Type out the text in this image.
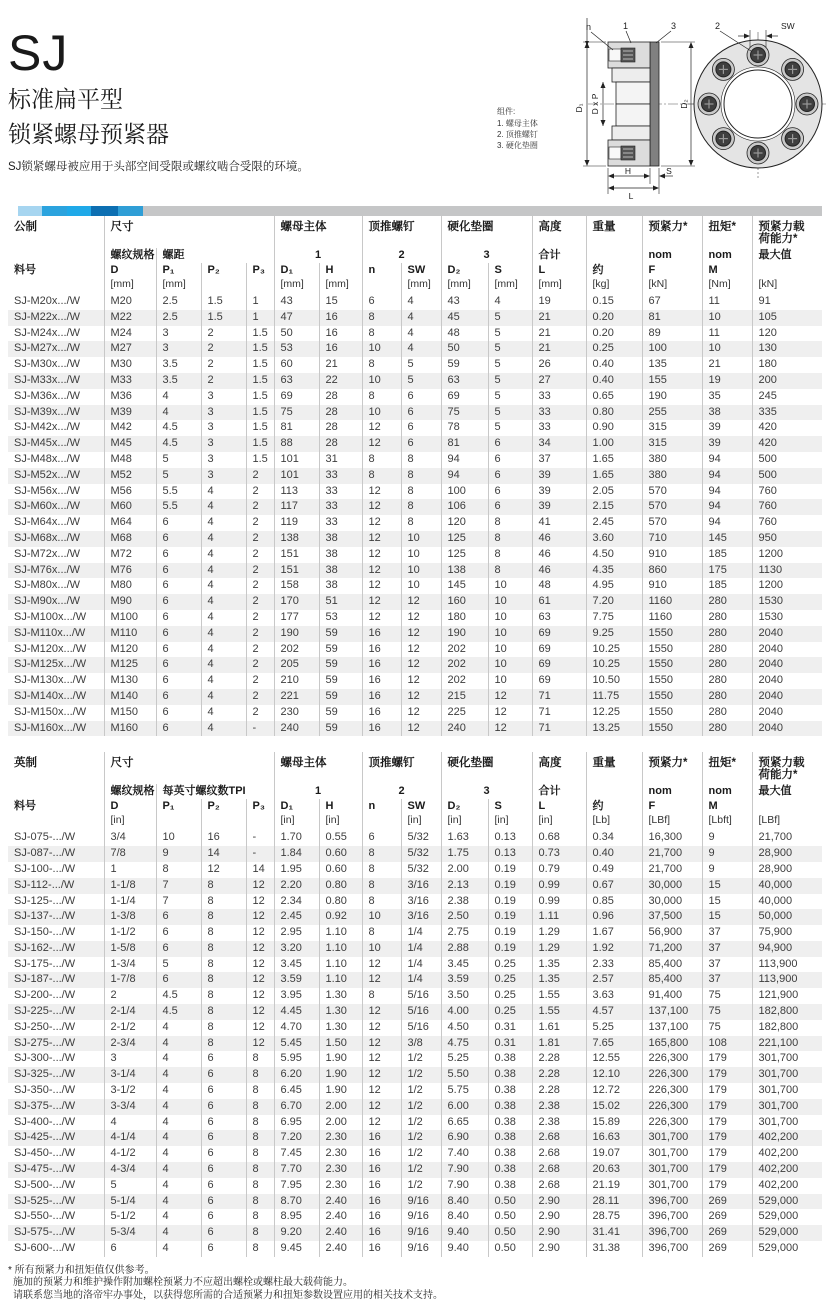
SJ
标准扁平型
锁紧螺母预紧器
SJ锁紧螺母被应用于头部空间受限或螺纹啮合受限的环境。
组件:
1. 螺母主体
2. 顶推螺钉
3. 硬化垫圈
n	1	3
D₁ D x P	D₂
H	S
L
2	SW
公制	尺寸				螺母主体		顶推螺钉		硬化垫圈		高度	重量	预紧力*	扭矩*	预紧力载
荷能力*
	螺纹规格	螺距			1		2		3		合计		nom	nom	最大值
料号	D	P₁	P₂	P₃	D₁	H	n	SW	D₂	S	L	约	F	M	
	[mm]	[mm]			[mm]	[mm]		[mm]	[mm]	[mm]	[mm]	[kg]	[kN]	[Nm]	[kN]
SJ-M20x.../W	M20	2.5	1.5	1	43	15	6	4	43	4	19	0.15	67	11	91
SJ-M22x.../W	M22	2.5	1.5	1	47	16	8	4	45	5	21	0.20	81	10	105
SJ-M24x.../W	M24	3	2	1.5	50	16	8	4	48	5	21	0.20	89	11	120
SJ-M27x.../W	M27	3	2	1.5	53	16	10	4	50	5	21	0.25	100	10	130
SJ-M30x.../W	M30	3.5	2	1.5	60	21	8	5	59	5	26	0.40	135	21	180
SJ-M33x.../W	M33	3.5	2	1.5	63	22	10	5	63	5	27	0.40	155	19	200
SJ-M36x.../W	M36	4	3	1.5	69	28	8	6	69	5	33	0.65	190	35	245
SJ-M39x.../W	M39	4	3	1.5	75	28	10	6	75	5	33	0.80	255	38	335
SJ-M42x.../W	M42	4.5	3	1.5	81	28	12	6	78	5	33	0.90	315	39	420
SJ-M45x.../W	M45	4.5	3	1.5	88	28	12	6	81	6	34	1.00	315	39	420
SJ-M48x.../W	M48	5	3	1.5	101	31	8	8	94	6	37	1.65	380	94	500
SJ-M52x.../W	M52	5	3	2	101	33	8	8	94	6	39	1.65	380	94	500
SJ-M56x.../W	M56	5.5	4	2	113	33	12	8	100	6	39	2.05	570	94	760
SJ-M60x.../W	M60	5.5	4	2	117	33	12	8	106	6	39	2.15	570	94	760
SJ-M64x.../W	M64	6	4	2	119	33	12	8	120	8	41	2.45	570	94	760
SJ-M68x.../W	M68	6	4	2	138	38	12	10	125	8	46	3.60	710	145	950
SJ-M72x.../W	M72	6	4	2	151	38	12	10	125	8	46	4.50	910	185	1200
SJ-M76x.../W	M76	6	4	2	151	38	12	10	138	8	46	4.35	860	175	1130
SJ-M80x.../W	M80	6	4	2	158	38	12	10	145	10	48	4.95	910	185	1200
SJ-M90x.../W	M90	6	4	2	170	51	12	12	160	10	61	7.20	1160	280	1530
SJ-M100x.../W	M100	6	4	2	177	53	12	12	180	10	63	7.75	1160	280	1530
SJ-M110x.../W	M110	6	4	2	190	59	16	12	190	10	69	9.25	1550	280	2040
SJ-M120x.../W	M120	6	4	2	202	59	16	12	202	10	69	10.25	1550	280	2040
SJ-M125x.../W	M125	6	4	2	205	59	16	12	202	10	69	10.25	1550	280	2040
SJ-M130x.../W	M130	6	4	2	210	59	16	12	202	10	69	10.50	1550	280	2040
SJ-M140x.../W	M140	6	4	2	221	59	16	12	215	12	71	11.75	1550	280	2040
SJ-M150x.../W	M150	6	4	2	230	59	16	12	225	12	71	12.25	1550	280	2040
SJ-M160x.../W	M160	6	4	-	240	59	16	12	240	12	71	13.25	1550	280	2040
英制	尺寸				螺母主体		顶推螺钉		硬化垫圈		高度	重量	预紧力*	扭矩*	预紧力载
荷能力*
	螺纹规格	每英寸螺纹数TPI			1		2		3		合计		nom	nom	最大值
料号	D	P₁	P₂	P₃	D₁	H	n	SW	D₂	S	L	约	F	M	
	[in]				[in]	[in]		[in]	[in]	[in]	[in]	[Lb]	[LBf]	[Lbft]	[LBf]
SJ-075-.../W	3/4	10	16	-	1.70	0.55	6	5/32	1.63	0.13	0.68	0.34	16,300	9	21,700
SJ-087-.../W	7/8	9	14	-	1.84	0.60	8	5/32	1.75	0.13	0.73	0.40	21,700	9	28,900
SJ-100-.../W	1	8	12	14	1.95	0.60	8	5/32	2.00	0.19	0.79	0.49	21,700	9	28,900
SJ-112-.../W	1-1/8	7	8	12	2.20	0.80	8	3/16	2.13	0.19	0.99	0.67	30,000	15	40,000
SJ-125-.../W	1-1/4	7	8	12	2.34	0.80	8	3/16	2.38	0.19	0.99	0.85	30,000	15	40,000
SJ-137-.../W	1-3/8	6	8	12	2.45	0.92	10	3/16	2.50	0.19	1.11	0.96	37,500	15	50,000
SJ-150-.../W	1-1/2	6	8	12	2.95	1.10	8	1/4	2.75	0.19	1.29	1.67	56,900	37	75,900
SJ-162-.../W	1-5/8	6	8	12	3.20	1.10	10	1/4	2.88	0.19	1.29	1.92	71,200	37	94,900
SJ-175-.../W	1-3/4	5	8	12	3.45	1.10	12	1/4	3.45	0.25	1.35	2.33	85,400	37	113,900
SJ-187-.../W	1-7/8	6	8	12	3.59	1.10	12	1/4	3.59	0.25	1.35	2.57	85,400	37	113,900
SJ-200-.../W	2	4.5	8	12	3.95	1.30	8	5/16	3.50	0.25	1.55	3.63	91,400	75	121,900
SJ-225-.../W	2-1/4	4.5	8	12	4.45	1.30	12	5/16	4.00	0.25	1.55	4.57	137,100	75	182,800
SJ-250-.../W	2-1/2	4	8	12	4.70	1.30	12	5/16	4.50	0.31	1.61	5.25	137,100	75	182,800
SJ-275-.../W	2-3/4	4	8	12	5.45	1.50	12	3/8	4.75	0.31	1.81	7.65	165,800	108	221,100
SJ-300-.../W	3	4	6	8	5.95	1.90	12	1/2	5.25	0.38	2.28	12.55	226,300	179	301,700
SJ-325-.../W	3-1/4	4	6	8	6.20	1.90	12	1/2	5.50	0.38	2.28	12.10	226,300	179	301,700
SJ-350-.../W	3-1/2	4	6	8	6.45	1.90	12	1/2	5.75	0.38	2.28	12.72	226,300	179	301,700
SJ-375-.../W	3-3/4	4	6	8	6.70	2.00	12	1/2	6.00	0.38	2.38	15.02	226,300	179	301,700
SJ-400-.../W	4	4	6	8	6.95	2.00	12	1/2	6.65	0.38	2.38	15.89	226,300	179	301,700
SJ-425-.../W	4-1/4	4	6	8	7.20	2.30	16	1/2	6.90	0.38	2.68	16.63	301,700	179	402,200
SJ-450-.../W	4-1/2	4	6	8	7.45	2.30	16	1/2	7.40	0.38	2.68	19.07	301,700	179	402,200
SJ-475-.../W	4-3/4	4	6	8	7.70	2.30	16	1/2	7.90	0.38	2.68	20.63	301,700	179	402,200
SJ-500-.../W	5	4	6	8	7.95	2.30	16	1/2	7.90	0.38	2.68	21.19	301,700	179	402,200
SJ-525-.../W	5-1/4	4	6	8	8.70	2.40	16	9/16	8.40	0.50	2.90	28.11	396,700	269	529,000
SJ-550-.../W	5-1/2	4	6	8	8.95	2.40	16	9/16	8.40	0.50	2.90	28.75	396,700	269	529,000
SJ-575-.../W	5-3/4	4	6	8	9.20	2.40	16	9/16	9.40	0.50	2.90	31.41	396,700	269	529,000
SJ-600-.../W	6	4	6	8	9.45	2.40	16	9/16	9.40	0.50	2.90	31.38	396,700	269	529,000
* 所有预紧力和扭矩值仅供参考。
施加的预紧力和维护操作附加螺栓预紧力不应超出螺栓或螺柱最大载荷能力。
请联系您当地的洛帝牢办事处，以获得您所需的合适预紧力和扭矩参数设置应用的相关技术支持。
